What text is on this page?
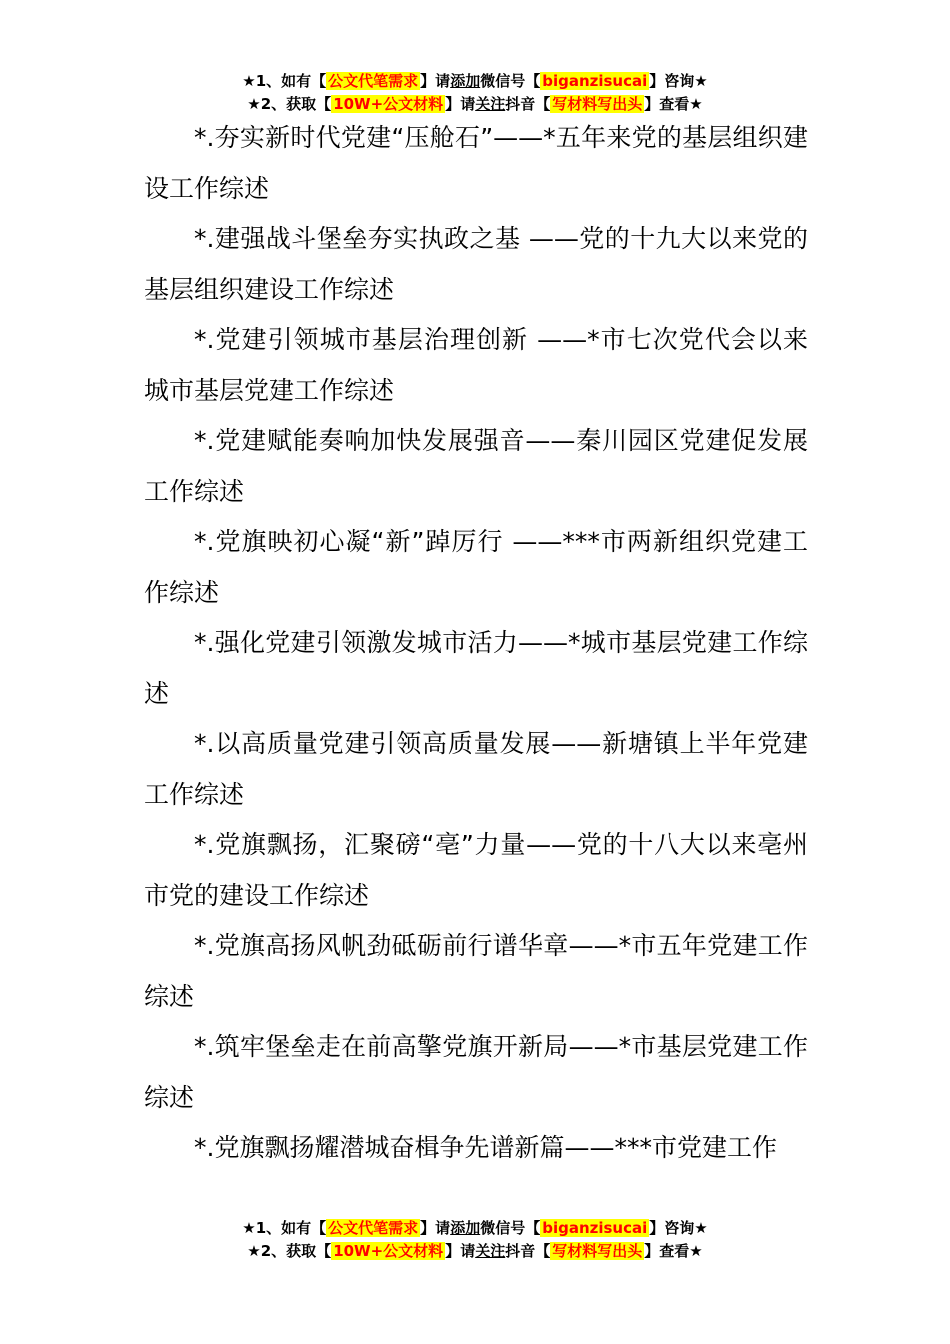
★1、如有【 公文代笔需求 】请添加微信号【 biganzisucai 】咨询★
★2、获取【 10W+公文材料 】请关注抖音【 写材料写出头 】查看★

*.夯实新时代党建“压舱石”——*五年来党的基层组织建设工作综述

*.建强战斗堡垒夯实执政之基 ——党的十九大以来党的基层组织建设工作综述

*.党建引领城市基层治理创新 ——*市七次党代会以来城市基层党建工作综述

*.党建赋能奏响加快发展强音——秦川园区党建促发展工作综述

*.党旗映初心凝“新”踔厉行 ——***市两新组织党建工作综述

*.强化党建引领激发城市活力——*城市基层党建工作综述

*.以高质量党建引领高质量发展——新塘镇上半年党建工作综述

*.党旗飘扬，汇聚磅“亳”力量——党的十八大以来亳州市党的建设工作综述

*.党旗高扬风帆劲砥砺前行谱华章——*市五年党建工作综述

*.筑牢堡垒走在前高擎党旗开新局——*市基层党建工作综述

*.党旗飘扬耀潜城奋楫争先谱新篇——***市党建工作

★1、如有【 公文代笔需求 】请添加微信号【 biganzisucai 】咨询★
★2、获取【 10W+公文材料 】请关注抖音【 写材料写出头 】查看★
